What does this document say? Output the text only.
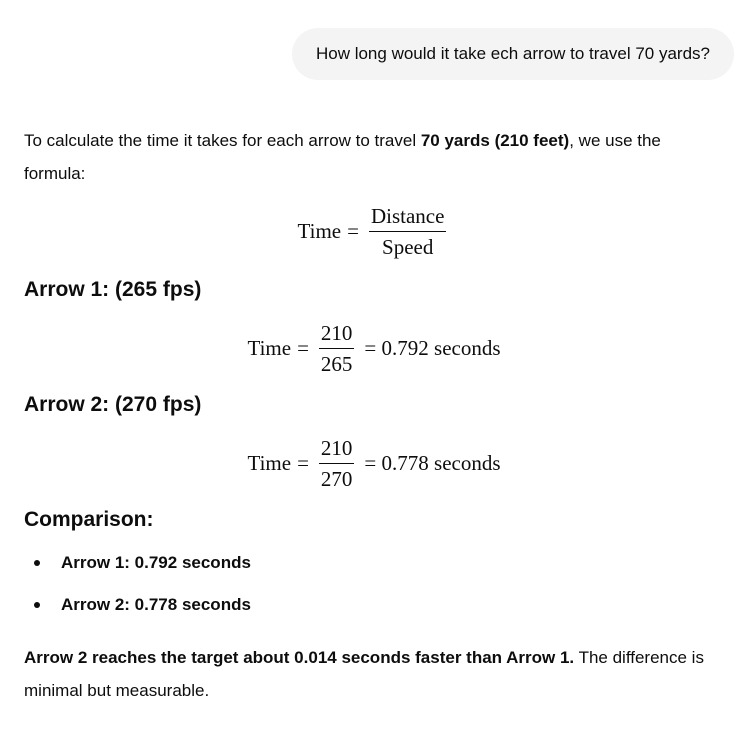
How long would it take ech arrow to travel 70 yards?

To calculate the time it takes for each arrow to travel 70 yards (210 feet), we use the formula:

Time = $\frac{\text{Distance}}{\text{Speed}}$
Arrow 1: (265 fps)
Time = $\frac{210}{265} = 0.792$ seconds
Arrow 2: (270 fps)
Time = $\frac{210}{270} = 0.778$ seconds
Comparison:
Arrow 1: 0.792 seconds
Arrow 2: 0.778 seconds

Arrow 2 reaches the target about 0.014 seconds faster than Arrow 1. The difference is minimal but measurable.
